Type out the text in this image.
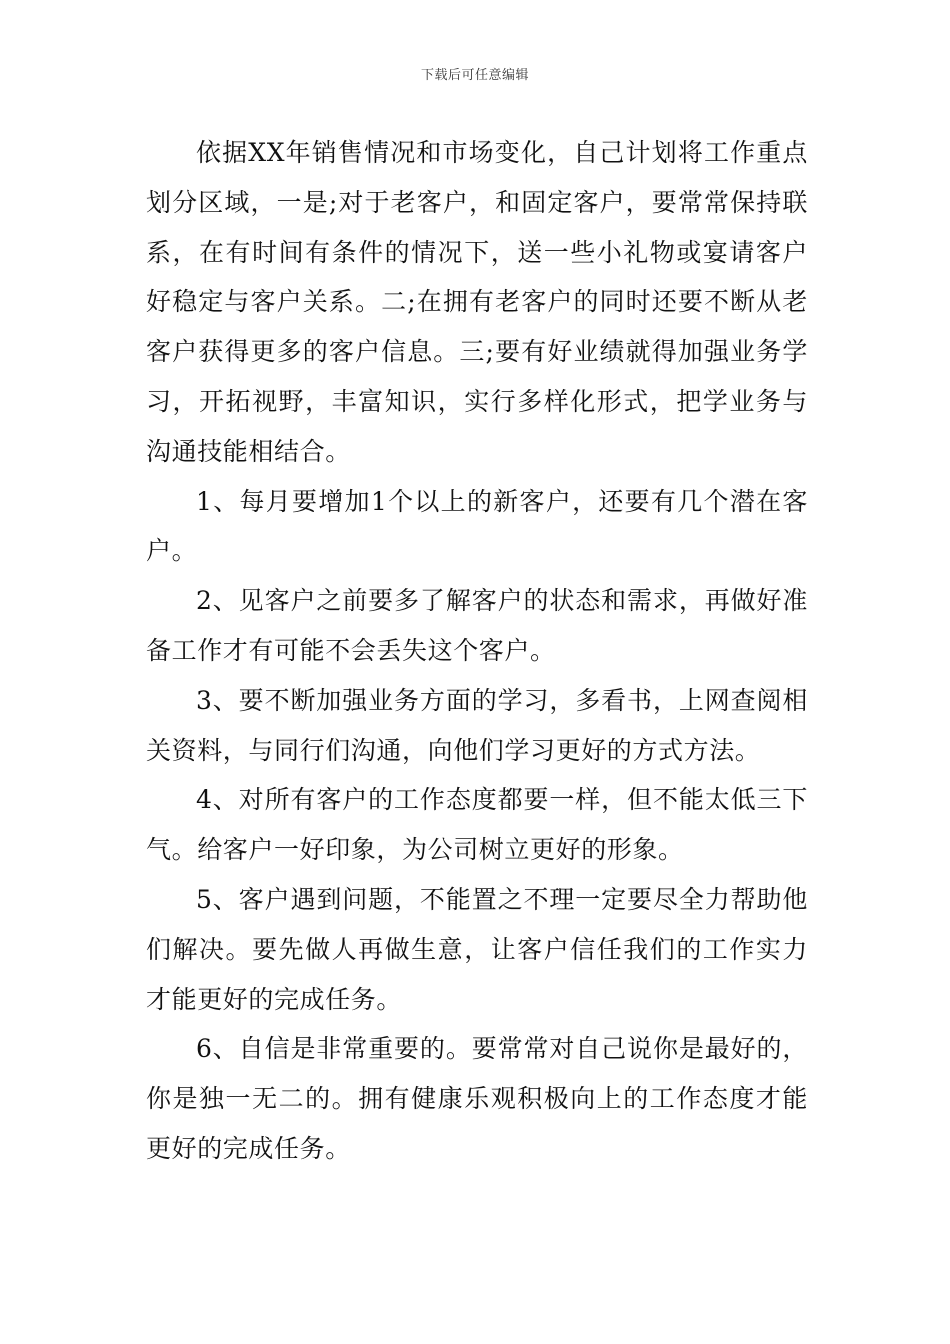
下载后可任意编辑

依据XX年销售情况和市场变化，自己计划将工作重点划分区域，一是;对于老客户，和固定客户，要常常保持联系，在有时间有条件的情况下，送一些小礼物或宴请客户好稳定与客户关系。二;在拥有老客户的同时还要不断从老客户获得更多的客户信息。三;要有好业绩就得加强业务学习，开拓视野，丰富知识，实行多样化形式，把学业务与沟通技能相结合。

1、每月要增加1个以上的新客户，还要有几个潜在客户。

2、见客户之前要多了解客户的状态和需求，再做好准备工作才有可能不会丢失这个客户。

3、要不断加强业务方面的学习，多看书，上网查阅相关资料，与同行们沟通，向他们学习更好的方式方法。

4、对所有客户的工作态度都要一样，但不能太低三下气。给客户一好印象，为公司树立更好的形象。

5、客户遇到问题，不能置之不理一定要尽全力帮助他们解决。要先做人再做生意，让客户信任我们的工作实力才能更好的完成任务。

6、自信是非常重要的。要常常对自己说你是最好的，你是独一无二的。拥有健康乐观积极向上的工作态度才能更好的完成任务。
